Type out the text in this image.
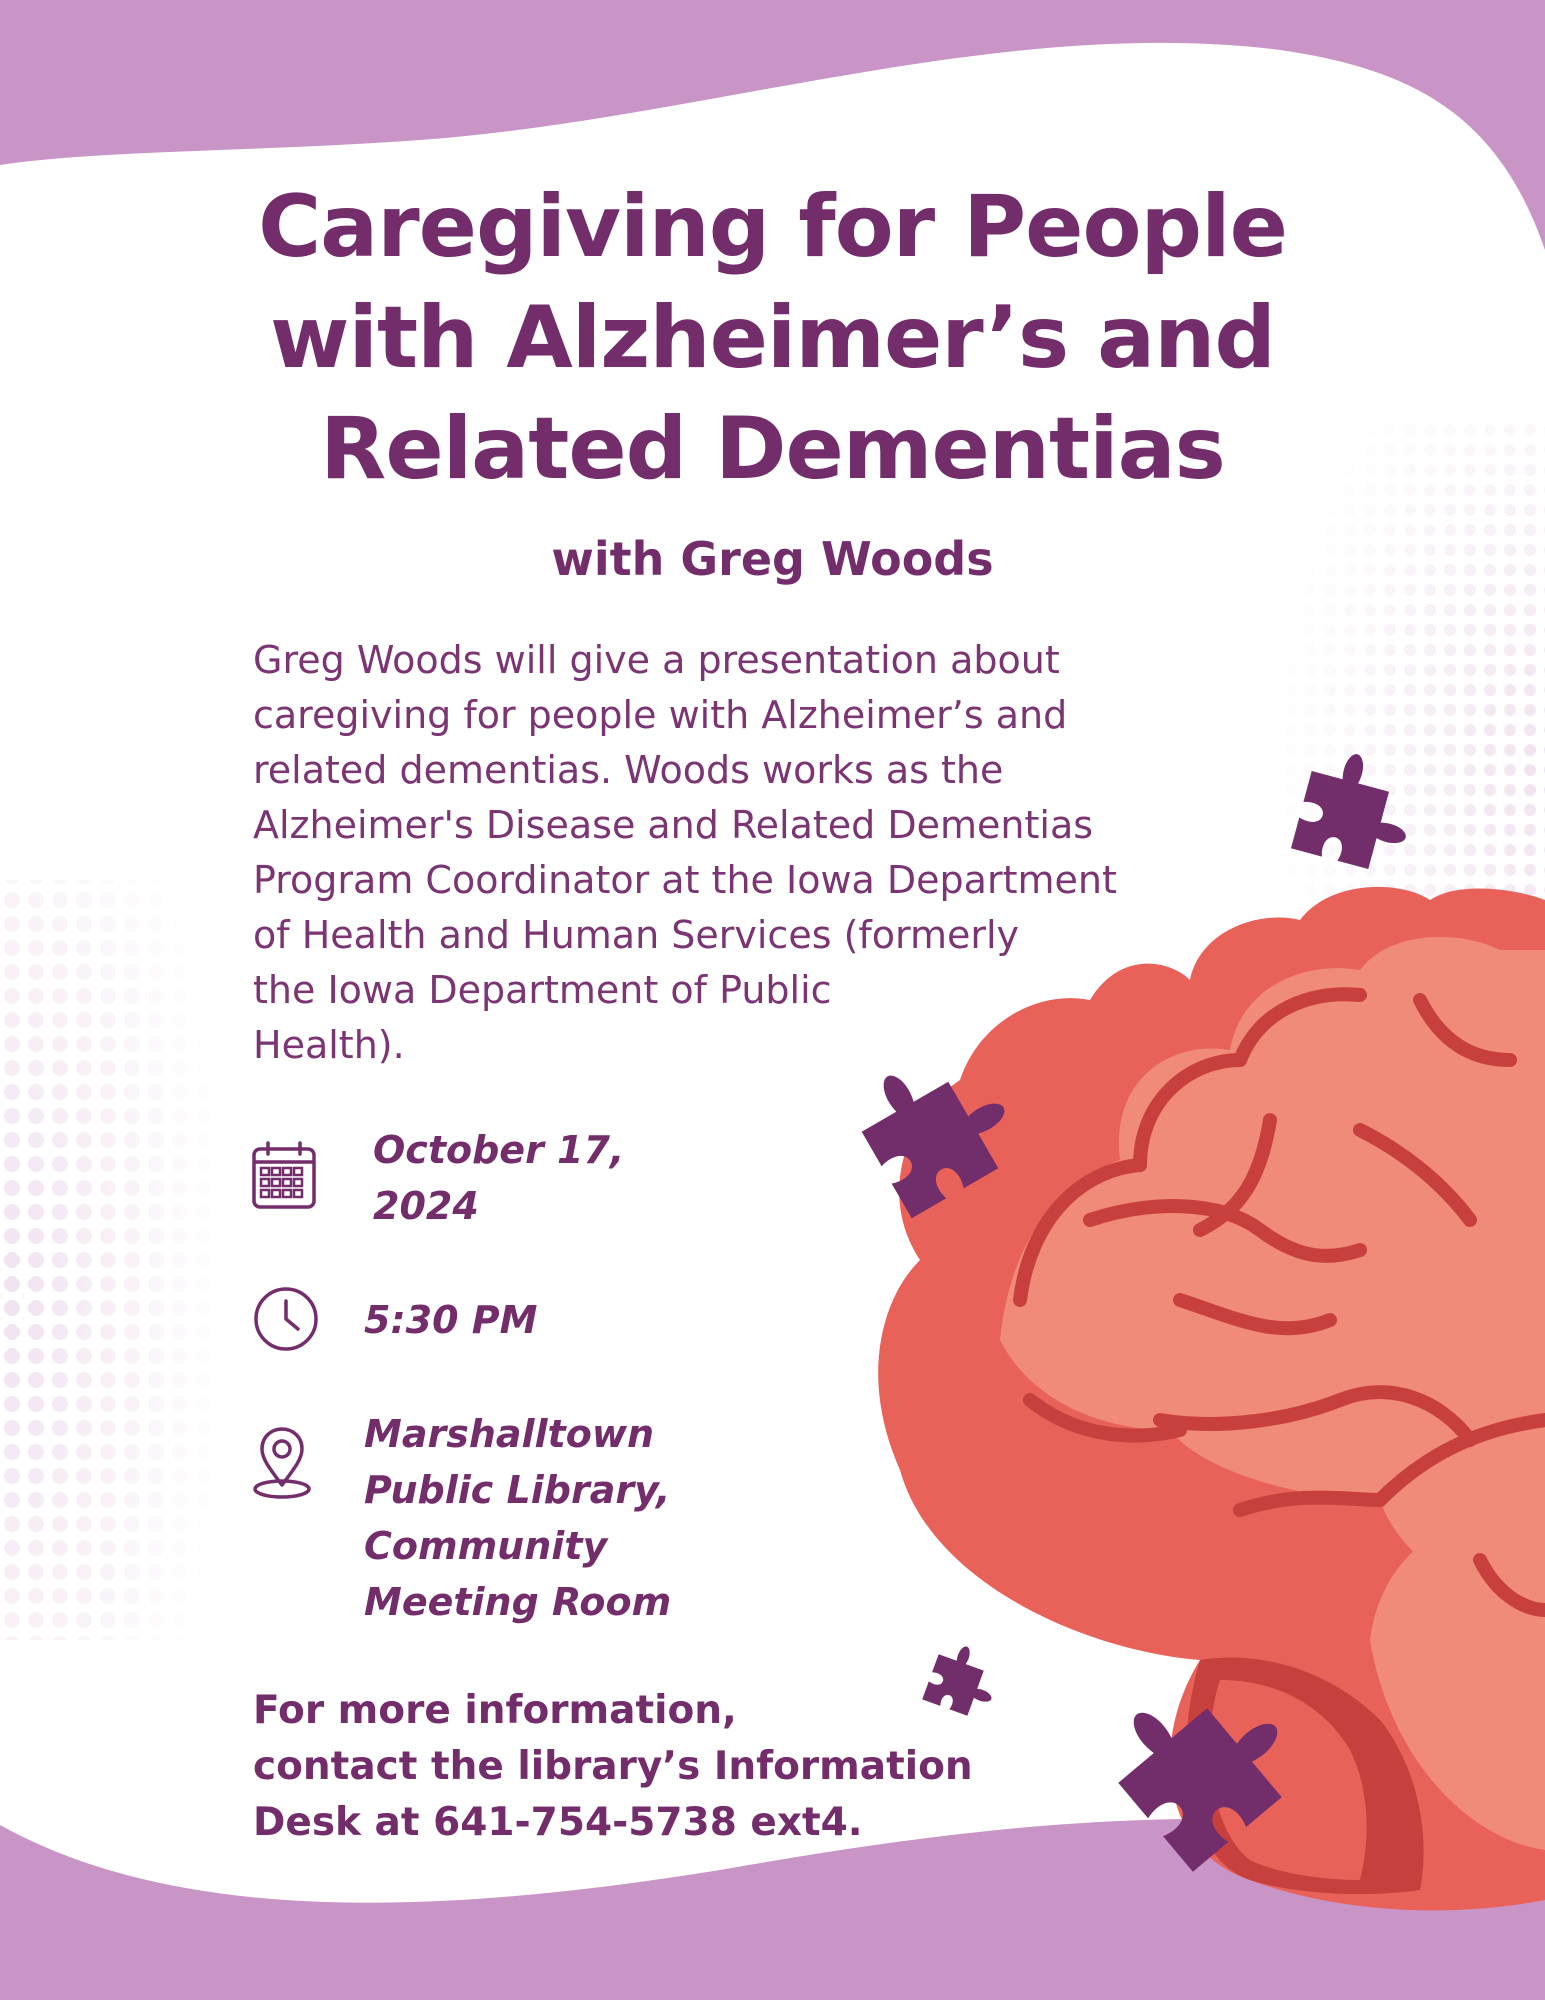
Caregiving for People
with Alzheimer’s and
Related Dementias
with Greg Woods
Greg Woods will give a presentation about
caregiving for people with Alzheimer’s and
related dementias. Woods works as the
Alzheimer's Disease and Related Dementias
Program Coordinator at the Iowa Department
of Health and Human Services (formerly
the Iowa Department of Public
Health).
October 17,
2024
5:30 PM
Marshalltown
Public Library,
Community
Meeting Room
For more information,
contact the library’s Information
Desk at 641-754-5738 ext4.
